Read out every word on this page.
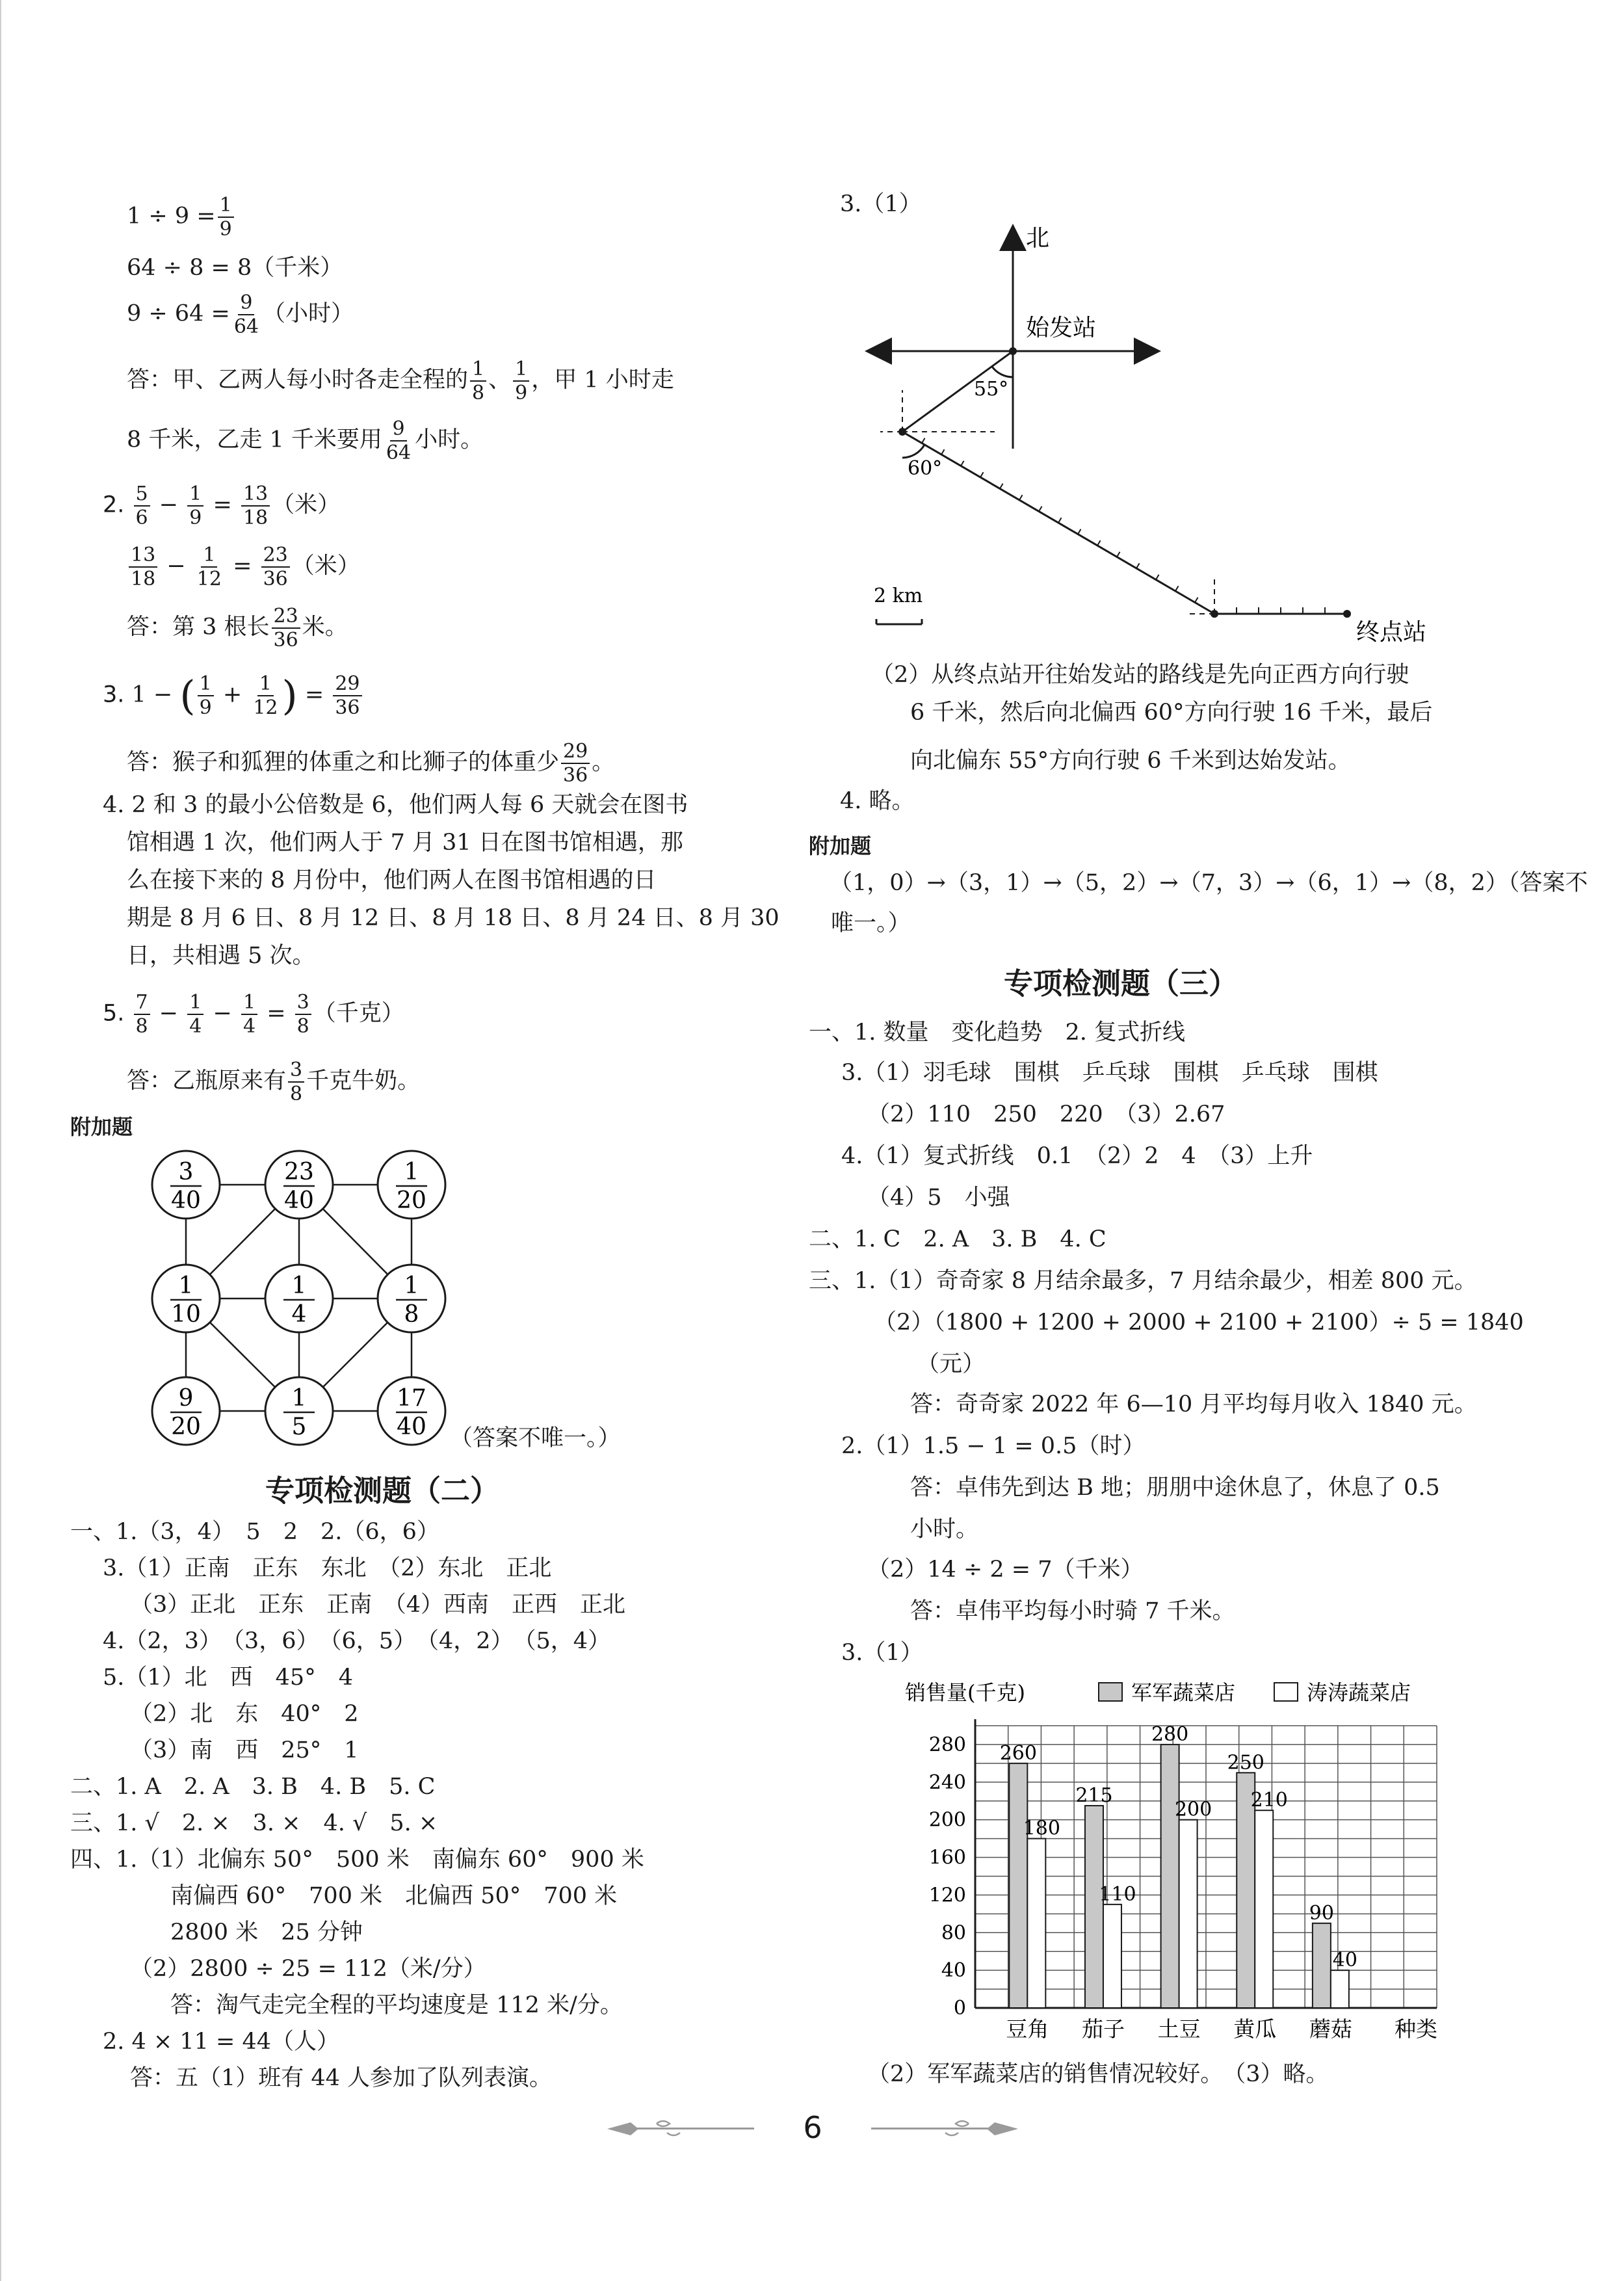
$1 \div 9 = \frac{1}{9}$
64 ÷ 8 = 8（千米）
$9 \div 64 = \frac{9}{64}$ （小时）
答：甲、乙两人每小时各走全程的 $\frac{1}{8}$ 、 $\frac{1}{9}$ ，甲 1 小时走
8 千米，乙走 1 千米要用 $\frac{9}{64}$ 小时。
2. $\frac{5}{6} - \frac{1}{9} = \frac{13}{18}$ （米）
$\frac{13}{18} - \frac{1}{12} = \frac{23}{36}$ （米）
答：第 3 根长 $\frac{23}{36}$ 米。
3. 1 − ( $\frac{1}{9} + \frac{1}{12}$ ) = $\frac{29}{36}$
答：猴子和狐狸的体重之和比狮子的体重少 $\frac{29}{36}$ 。
4. 2 和 3 的最小公倍数是 6，他们两人每 6 天就会在图书
馆相遇 1 次，他们两人于 7 月 31 日在图书馆相遇，那
么在接下来的 8 月份中，他们两人在图书馆相遇的日
期是 8 月 6 日、8 月 12 日、8 月 18 日、8 月 24 日、8 月 30
日，共相遇 5 次。
5. $\frac{7}{8} - \frac{1}{4} - \frac{1}{4} = \frac{3}{8}$ （千克）
答：乙瓶原来有 $\frac{3}{8}$ 千克牛奶。
附加题
3
40
23
40
1
20
1
10
1
4
1
8
9
20
1
5
17
40 （答案不唯一。）
专项检测题（二）
一、1.（3，4）　5　2　2.（6，6）
3.（1）正南　正东　东北　（2）东北　正北
（3）正北　正东　正南　（4）西南　正西　正北
4.（2，3）　（3，6）　（6，5）　（4，2）　（5，4）
5.（1）北　西　45°　4
（2）北　东　40°　2
（3）南　西　25°　1
二、1. A　2. A　3. B　4. B　5. C
三、1. √　2. ×　3. ×　4. √　5. ×
四、1.（1）北偏东 50°　500 米　南偏东 60°　900 米
南偏西 60°　700 米　北偏西 50°　700 米
2800 米　25 分钟
（2）2800 ÷ 25 = 112（米/分）
答：淘气走完全程的平均速度是 112 米/分。
2. 4 × 11 = 44（人）
答：五（1）班有 44 人参加了队列表演。
3.（1）
北
始发站
55°
60°
2 km
终点站
（2）从终点站开往始发站的路线是先向正西方向行驶
6 千米，然后向北偏西 60°方向行驶 16 千米，最后
向北偏东 55°方向行驶 6 千米到达始发站。
4. 略。
附加题
（1，0）→（3，1）→（5，2）→（7，3）→（6，1）→（8，2）（答案不
唯一。）
专项检测题（三）
一、1. 数量　变化趋势　2. 复式折线
3.（1）羽毛球　围棋　乒乓球　围棋　乒乓球　围棋
（2）110　250　220　（3）2.67
4.（1）复式折线　0.1　（2）2　4　（3）上升
（4）5　小强
二、1. C　2. A　3. B　4. C
三、1.（1）奇奇家 8 月结余最多，7 月结余最少，相差 800 元。
（2）（1800 + 1200 + 2000 + 2100 + 2100）÷ 5 = 1840
（元）
答：奇奇家 2022 年 6—10 月平均每月收入 1840 元。
2.（1）1.5 − 1 = 0.5（时）
答：卓伟先到达 B 地；朋朋中途休息了，休息了 0.5
小时。
（2）14 ÷ 2 = 7（千米）
答：卓伟平均每小时骑 7 千米。
3.（1）
销售量(千克)	军军蔬菜店	涛涛蔬菜店
0
40
80
120
160
200
240
280 260
180
豆角
215
110
茄子
280
200
土豆
250
210
黄瓜
90
40
蘑菇 种类
（2）军军蔬菜店的销售情况较好。　（3）略。
6
